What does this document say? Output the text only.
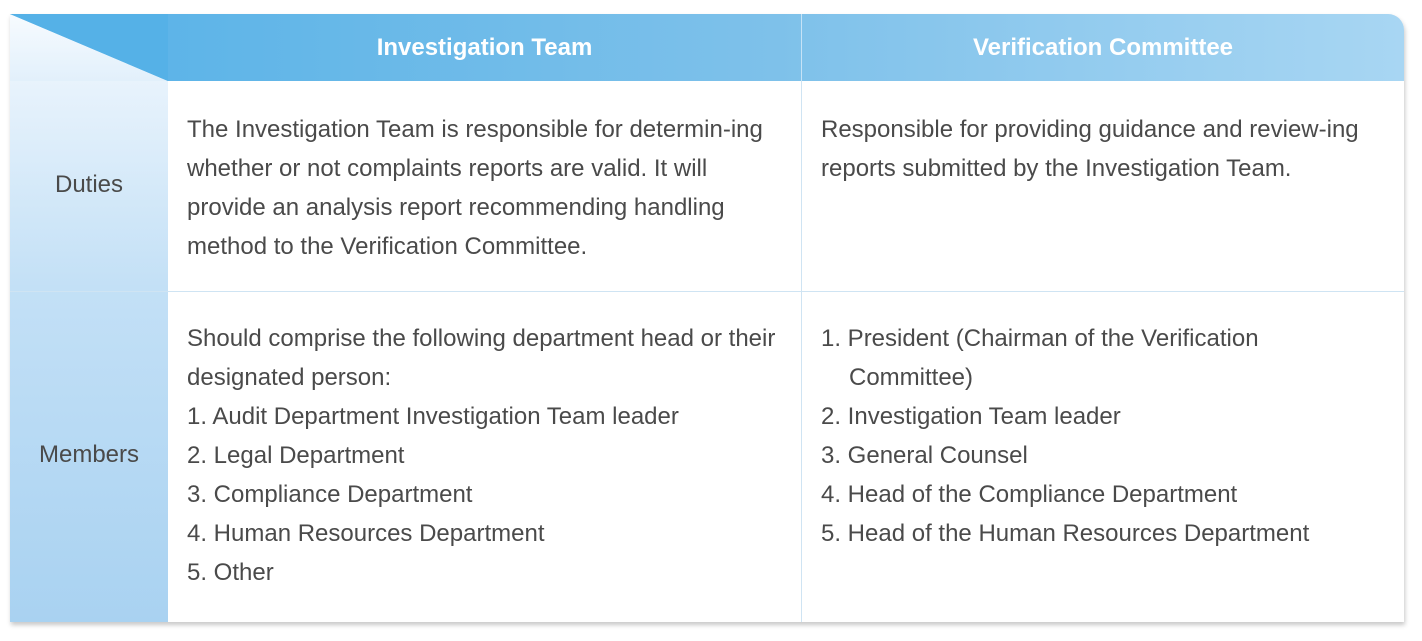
Investigation Team	Verification Committee
Duties

The Investigation Team is responsible for determin-ing whether or not complaints reports are valid. It will provide an analysis report recommending handling method to the Verification Committee.

Responsible for providing guidance and review-ing reports submitted by the Investigation Team.

Members

Should comprise the following department head or their designated person:

1. Audit Department Investigation Team leader
2. Legal Department
3. Compliance Department
4. Human Resources Department
5. Other
1. President (Chairman of the Verification Committee)
2. Investigation Team leader
3. General Counsel
4. Head of the Compliance Department
5. Head of the Human Resources Department
